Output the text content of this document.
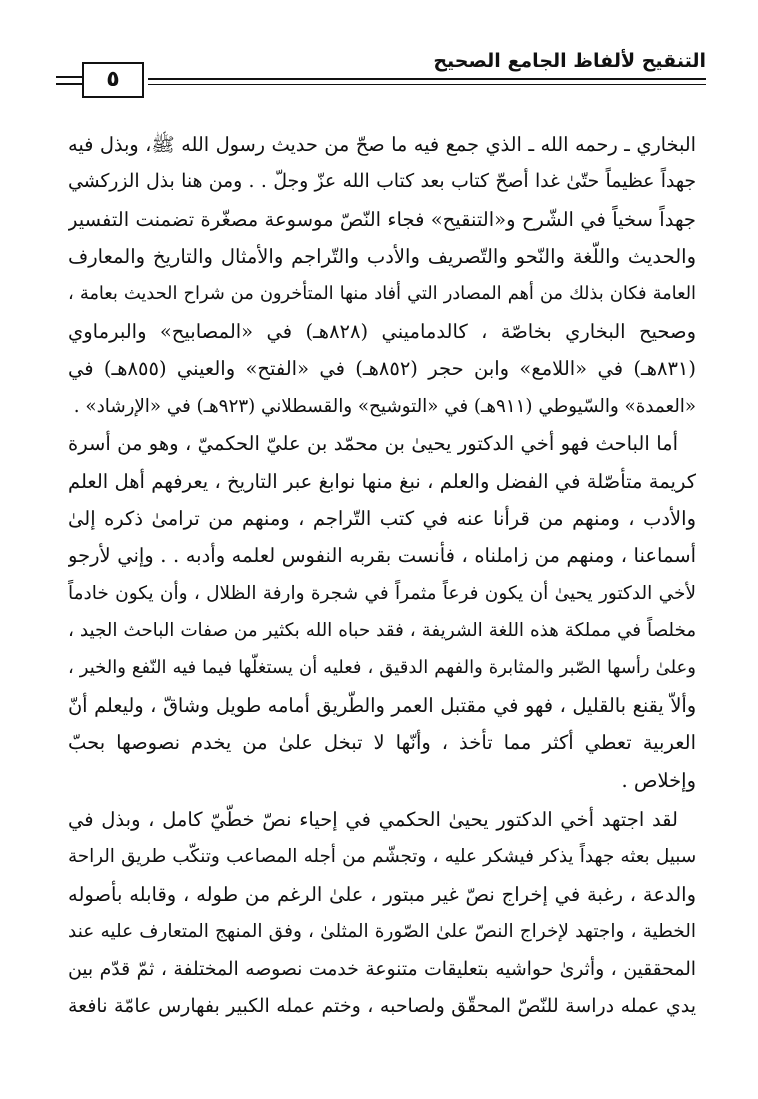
التنقيح لألفاظ الجامع الصحيح
٥
البخاري ـ رحمه الله ـ الذي جمع فيه ما صحّ من حديث رسول الله ﷺ، وبذل فيه
جهداً عظيماً حتّىٰ غدا أصحّ كتاب بعد كتاب الله عزّ وجلّ . . ومن هنا بذل الزركشي
جهداً سخياً في الشّرح و«التنقيح» فجاء النّصّ موسوعة مصغّرة تضمنت التفسير
والحديث واللّغة والنّحو والتّصريف والأدب والتّراجم والأمثال والتاريخ والمعارف
العامة فكان بذلك من أهم المصادر التي أفاد منها المتأخرون من شراح الحديث بعامة ،
وصحيح البخاري بخاصّة ، كالدماميني (٨٢٨هـ) في «المصابيح» والبرماوي
(٨٣١هـ) في «اللامع» وابن حجر (٨٥٢هـ) في «الفتح» والعيني (٨٥٥هـ) في
«العمدة» والسّيوطي (٩١١هـ) في «التوشيح» والقسطلاني (٩٢٣هـ) في «الإرشاد» .
أما الباحث فهو أخي الدكتور يحيىٰ بن محمّد بن عليّ الحكميّ ، وهو من أسرة
كريمة متأصّلة في الفضل والعلم ، نبغ منها نوابغ عبر التاريخ ، يعرفهم أهل العلم
والأدب ، ومنهم من قرأنا عنه في كتب التّراجم ، ومنهم من ترامىٰ ذكره إلىٰ
أسماعنا ، ومنهم من زاملناه ، فأنست بقربه النفوس لعلمه وأدبه . . وإني لأرجو
لأخي الدكتور يحيىٰ أن يكون فرعاً مثمراً في شجرة وارفة الظلال ، وأن يكون خادماً
مخلصاً في مملكة هذه اللغة الشريفة ، فقد حباه الله بكثير من صفات الباحث الجيد ،
وعلىٰ رأسها الصّبر والمثابرة والفهم الدقيق ، فعليه أن يستغلّها فيما فيه النّفع والخير ،
وألاّ يقنع بالقليل ، فهو في مقتبل العمر والطّريق أمامه طويل وشاقّ ، وليعلم أنّ
العربية تعطي أكثر مما تأخذ ، وأنّها لا تبخل علىٰ من يخدم نصوصها بحبّ
وإخلاص .
لقد اجتهد أخي الدكتور يحيىٰ الحكمي في إحياء نصّ خطّيّ كامل ، وبذل في
سبيل بعثه جهداً يذكر فيشكر عليه ، وتجشّم من أجله المصاعب وتنكّب طريق الراحة
والدعة ، رغبة في إخراج نصّ غير مبتور ، علىٰ الرغم من طوله ، وقابله بأصوله
الخطية ، واجتهد لإخراج النصّ علىٰ الصّورة المثلىٰ ، وفق المنهج المتعارف عليه عند
المحققين ، وأثرىٰ حواشيه بتعليقات متنوعة خدمت نصوصه المختلفة ، ثمّ قدّم بين
يدي عمله دراسة للنّصّ المحقّق ولصاحبه ، وختم عمله الكبير بفهارس عامّة نافعة
